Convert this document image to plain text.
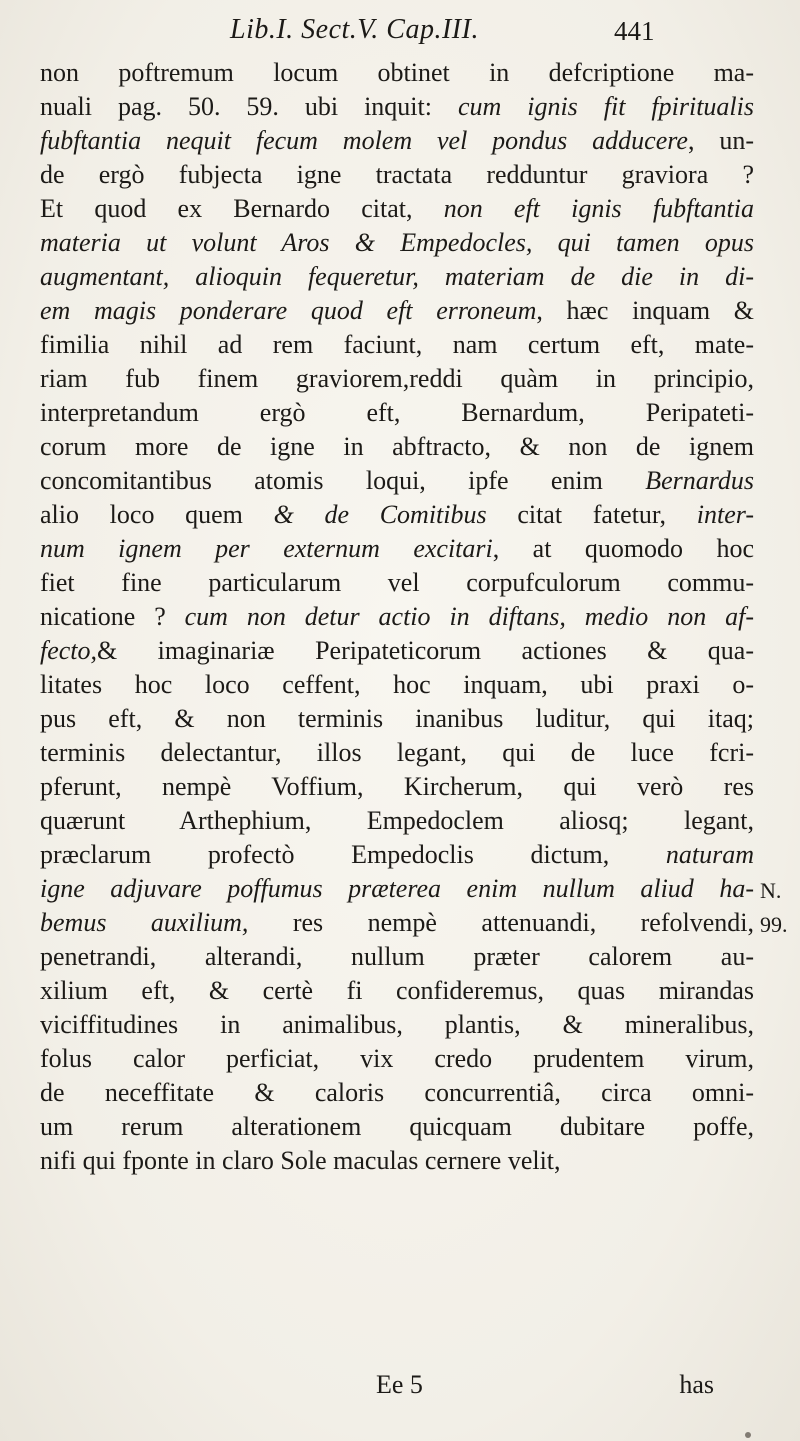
Lib.I. Sect.V. Cap.III.	441
non poftremum locum obtinet in defcriptione ma-
nuali pag. 50. 59. ubi inquit: cum ignis fit fpiritualis
fubftantia nequit fecum molem vel pondus adducere, un-
de ergò fubjecta igne tractata redduntur graviora ?
Et quod ex Bernardo citat, non eft ignis fubftantia
materia ut volunt Aros & Empedocles, qui tamen opus
augmentant, alioquin fequeretur, materiam de die in di-
em magis ponderare quod eft erroneum, hæc inquam &
fimilia nihil ad rem faciunt, nam certum eft, mate-
riam fub finem graviorem,reddi quàm in principio,
interpretandum ergò eft, Bernardum, Peripateti-
corum more de igne in abftracto, & non de ignem
concomitantibus atomis loqui, ipfe enim Bernardus
alio loco quem & de Comitibus citat fatetur, inter-
num ignem per externum excitari, at quomodo hoc
fiet fine particularum vel corpufculorum commu-
nicatione ? cum non detur actio in diftans, medio non af-
fecto,& imaginariæ Peripateticorum actiones & qua-
litates hoc loco ceffent, hoc inquam, ubi praxi o-
pus eft, & non terminis inanibus luditur, qui itaq;
terminis delectantur, illos legant, qui de luce fcri-
pferunt, nempè Voffium, Kircherum, qui verò res
quærunt Arthephium, Empedoclem aliosq; legant,
præclarum profectò Empedoclis dictum, naturam
igne adjuvare poffumus præterea enim nullum aliud ha-
bemus auxilium, res nempè attenuandi, refolvendi,
penetrandi, alterandi, nullum præter calorem au-
xilium eft, & certè fi confideremus, quas mirandas
viciffitudines in animalibus, plantis, & mineralibus,
folus calor perficiat, vix credo prudentem virum,
de neceffitate & caloris concurrentiâ, circa omni-
um rerum alterationem quicquam dubitare poffe,
nifi qui fponte in claro Sole maculas cernere velit,
N.
99.
Ee 5	has
